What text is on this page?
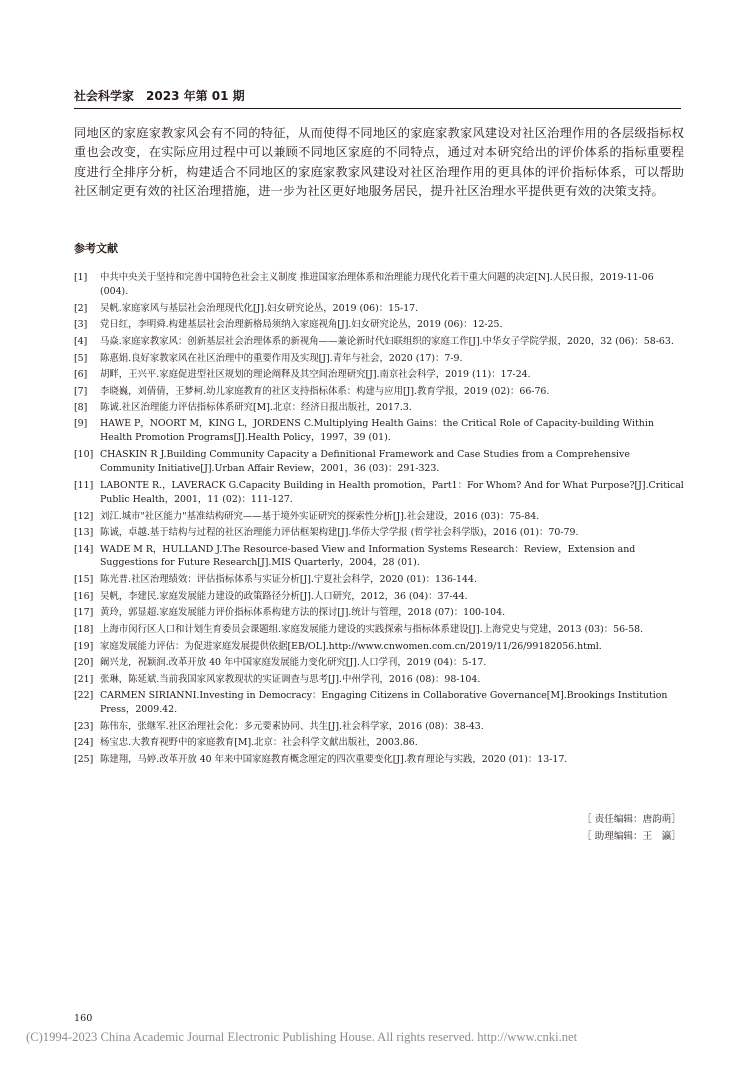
社会科学家 2023 年第 01 期

同地区的家庭家教家风会有不同的特征，从而使得不同地区的家庭家教家风建设对社区治理作用的各层级指标权重也会改变，在实际应用过程中可以兼顾不同地区家庭的不同特点，通过对本研究给出的评价体系的指标重要程度进行全排序分析，构建适合不同地区的家庭家教家风建设对社区治理作用的更具体的评价指标体系，可以帮助社区制定更有效的社区治理措施，进一步为社区更好地服务居民，提升社区治理水平提供更有效的决策支持。

参考文献
[1] 中共中央关于坚持和完善中国特色社会主义制度 推进国家治理体系和治理能力现代化若干重大问题的决定[N].人民日报，2019-11-06 (004).
[2] 吴帆.家庭家风与基层社会治理现代化[J].妇女研究论丛，2019 (06)：15-17.
[3] 党日红，李明舜.构建基层社会治理新格局须纳入家庭视角[J].妇女研究论丛，2019 (06)：12-25.
[4] 马焱.家庭家教家风：创新基层社会治理体系的新视角——兼论新时代妇联组织的家庭工作[J].中华女子学院学报，2020，32 (06)：58-63.
[5] 陈惠娟.良好家教家风在社区治理中的重要作用及实现[J].青年与社会，2020 (17)：7-9.
[6] 胡畔，王兴平.家庭促进型社区规划的理论阐释及其空间治理研究[J].南京社会科学，2019 (11)：17-24.
[7] 李晓巍，刘倩倩，王梦柯.幼儿家庭教育的社区支持指标体系：构建与应用[J].教育学报，2019 (02)：66-76.
[8] 陈诚.社区治理能力评估指标体系研究[M].北京：经济日报出版社，2017.3.
[9] HAWE P，NOORT M，KING L，JORDENS C.Multiplying Health Gains：the Critical Role of Capacity-building Within Health Promotion Programs[J].Health Policy，1997，39 (01).
[10] CHASKIN R J.Building Community Capacity a Definitional Framework and Case Studies from a Comprehensive Community Initiative[J].Urban Affair Review，2001，36 (03)：291-323.
[11] LABONTE R.，LAVERACK G.Capacity Building in Health promotion，Part1：For Whom? And for What Purpose?[J].Critical Public Health，2001，11 (02)：111-127.
[12] 刘江.城市"社区能力"基准结构研究——基于境外实证研究的探索性分析[J].社会建设，2016 (03)：75-84.
[13] 陈诚，卓越.基于结构与过程的社区治理能力评估框架构建[J].华侨大学学报 (哲学社会科学版)，2016 (01)：70-79.
[14] WADE M R，HULLAND J.The Resource-based View and Information Systems Research：Review，Extension and Suggestions for Future Research[J].MIS Quarterly，2004，28 (01).
[15] 陈光普.社区治理绩效：评估指标体系与实证分析[J].宁夏社会科学，2020 (01)：136-144.
[16] 吴帆，李建民.家庭发展能力建设的政策路径分析[J].人口研究，2012，36 (04)：37-44.
[17] 黄玲，郭显超.家庭发展能力评价指标体系构建方法的探讨[J].统计与管理，2018 (07)：100-104.
[18] 上海市闵行区人口和计划生育委员会课题组.家庭发展能力建设的实践探索与指标体系建设[J].上海党史与党建，2013 (03)：56-58.
[19] 家庭发展能力评估：为促进家庭发展提供依据[EB/OL].http://www.cnwomen.com.cn/2019/11/26/99182056.html.
[20] 阚兴龙，祝颖润.改革开放 40 年中国家庭发展能力变化研究[J].人口学刊，2019 (04)：5-17.
[21] 张琳，陈延斌.当前我国家风家教现状的实证调查与思考[J].中州学刊，2016 (08)：98-104.
[22] CARMEN SIRIANNI.Investing in Democracy：Engaging Citizens in Collaborative Governance[M].Brookings Institution Press，2009.42.
[23] 陈伟东，张继军.社区治理社会化：多元要素协同、共生[J].社会科学家，2016 (08)：38-43.
[24] 杨宝忠.大教育视野中的家庭教育[M].北京：社会科学文献出版社，2003.86.
[25] 陈建翔，马婷.改革开放 40 年来中国家庭教育概念厘定的四次重要变化[J].教育理论与实践，2020 (01)：13-17.
［ 责任编辑：唐韵萌］
［ 助理编辑：王　瀛］
160
(C)1994-2023 China Academic Journal Electronic Publishing House. All rights reserved. http://www.cnki.net
